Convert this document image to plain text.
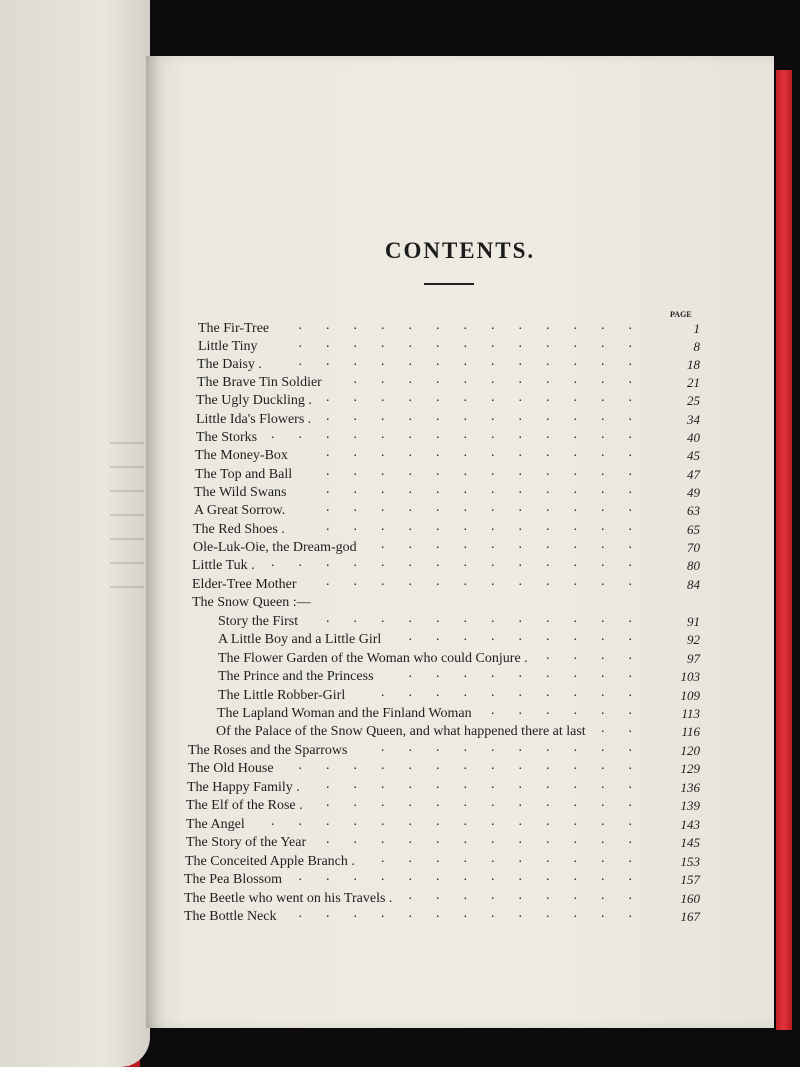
CONTENTS.
PAGE
The Fir-Tree	.............	1
Little Tiny	.............	8
The Daisy .	.............	18
The Brave Tin Soldier	...........	21
The Ugly Duckling . ............	25
Little Ida's Flowers . ............	34
The Storks ..............	40
The Money-Box	............	45
The Top and Ball	............	47
The Wild Swans	............	49
A Great Sorrow.	............	63
The Red Shoes .	............	65
Ole-Luk-Oie, the Dream-god	..........	70
Little Tuk . ..............	80
Elder-Tree Mother	............	84
The Snow Queen :—
Story the First	............	91
A Little Boy and a Little Girl	.........	92
The Flower Garden of the Woman who could Conjure . ....	97
The Prince and the Princess	.........	103
The Little Robber-Girl	..........	109
The Lapland Woman and the Finland Woman	......	113
Of the Palace of the Snow Queen, and what happened there at last ..	116
The Roses and the Sparrows	..........	120
The Old House	.............	129
The Happy Family .	............	136
The Elf of the Rose .	............	139
The Angel	..............	143
The Story of the Year	............	145
The Conceited Apple Branch .	..........	153
The Pea Blossom .............	157
The Beetle who went on his Travels . .........	160
The Bottle Neck	.............	167
